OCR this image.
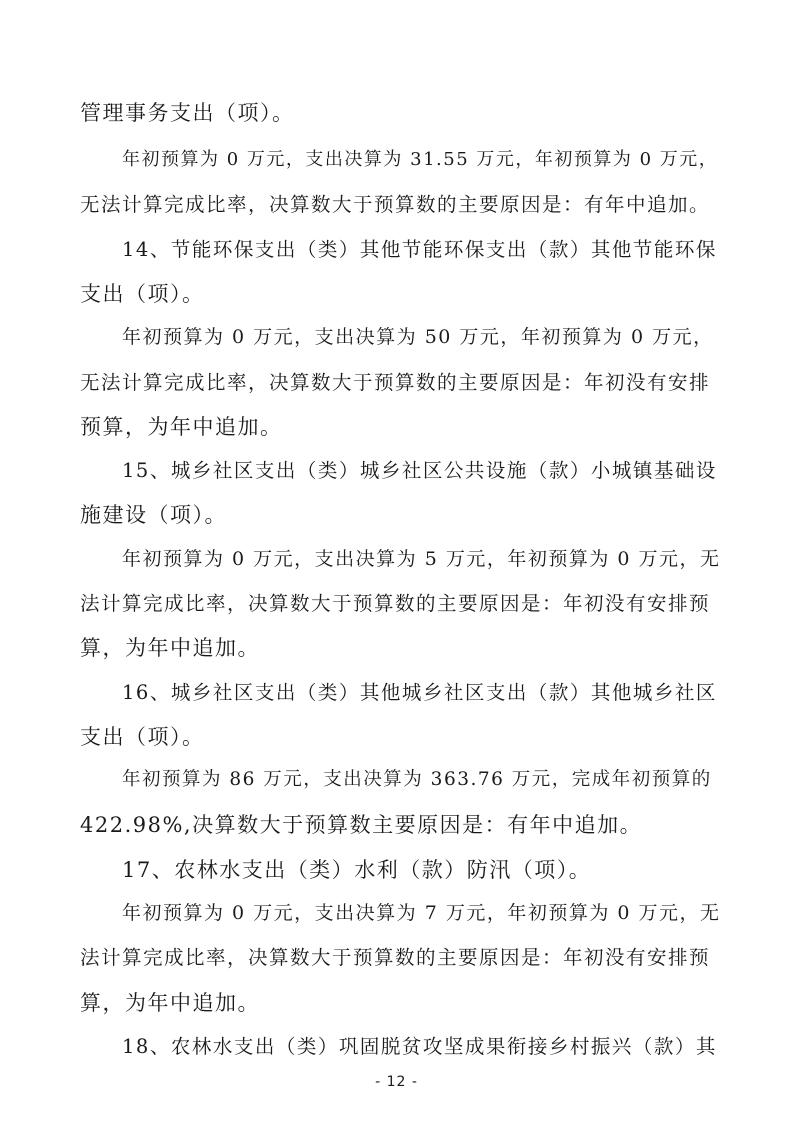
管理事务支出（项）。
年初预算为 0 万元，支出决算为 31.55 万元，年初预算为 0 万元，
无法计算完成比率，决算数大于预算数的主要原因是：有年中追加。
14、节能环保支出（类）其他节能环保支出（款）其他节能环保
支出（项）。
年初预算为 0 万元，支出决算为 50 万元，年初预算为 0 万元，
无法计算完成比率，决算数大于预算数的主要原因是：年初没有安排
预算，为年中追加。
15、城乡社区支出（类）城乡社区公共设施（款）小城镇基础设
施建设（项）。
年初预算为 0 万元，支出决算为 5 万元，年初预算为 0 万元，无
法计算完成比率，决算数大于预算数的主要原因是：年初没有安排预
算，为年中追加。
16、城乡社区支出（类）其他城乡社区支出（款）其他城乡社区
支出（项）。
年初预算为 86 万元，支出决算为 363.76 万元，完成年初预算的
422.98%,决算数大于预算数主要原因是：有年中追加。
17、农林水支出（类）水利（款）防汛（项）。
年初预算为 0 万元，支出决算为 7 万元，年初预算为 0 万元，无
法计算完成比率，决算数大于预算数的主要原因是：年初没有安排预
算，为年中追加。
18、农林水支出（类）巩固脱贫攻坚成果衔接乡村振兴（款）其
- 12 -
